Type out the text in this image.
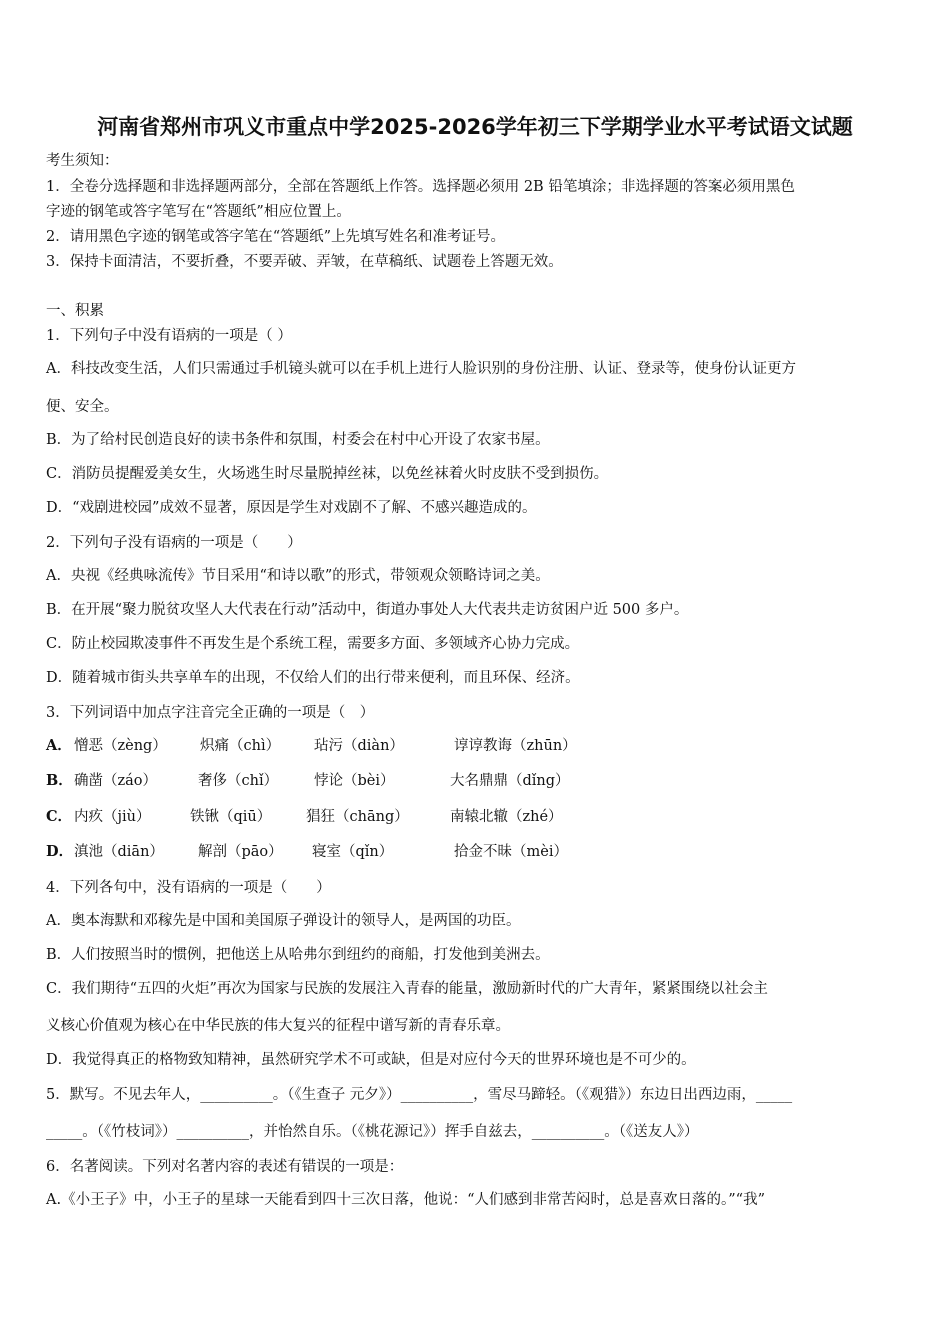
河南省郑州市巩义市重点中学2025-2026学年初三下学期学业水平考试语文试题
考生须知：
1．全卷分选择题和非选择题两部分，全部在答题纸上作答。选择题必须用 2B 铅笔填涂；非选择题的答案必须用黑色
字迹的钢笔或答字笔写在“答题纸”相应位置上。
2．请用黑色字迹的钢笔或答字笔在“答题纸”上先填写姓名和准考证号。
3．保持卡面清洁，不要折叠，不要弄破、弄皱，在草稿纸、试题卷上答题无效。
一、积累
1．下列句子中没有语病的一项是（ ）
A．科技改变生活，人们只需通过手机镜头就可以在手机上进行人脸识别的身份注册、认证、登录等，使身份认证更方
便、安全。
B．为了给村民创造良好的读书条件和氛围，村委会在村中心开设了农家书屋。
C．消防员提醒爱美女生，火场逃生时尽量脱掉丝袜，以免丝袜着火时皮肤不受到损伤。
D．“戏剧进校园”成效不显著，原因是学生对戏剧不了解、不感兴趣造成的。
2．下列句子没有语病的一项是（　　）
A．央视《经典咏流传》节目采用“和诗以歌”的形式，带领观众领略诗词之美。
B．在开展“聚力脱贫攻坚人大代表在行动”活动中，街道办事处人大代表共走访贫困户近 500 多户。
C．防止校园欺凌事件不再发生是个系统工程，需要多方面、多领域齐心协力完成。
D．随着城市街头共享单车的出现，不仅给人们的出行带来便利，而且环保、经济。
3．下列词语中加点字注音完全正确的一项是（　）
A． 憎恶（zèng） 炽痛（chì） 玷污（diàn）	谆谆教诲（zhūn）
B． 确凿（záo）	奢侈（chǐ） 悖论（bèi）	大名鼎鼎（dǐng）
C． 内疚（jiù）	铁锹（qiū） 猖狂（chāng）	南辕北辙（zhé）
D． 滇池（diān） 解剖（pāo） 寝室（qǐn）	拾金不昧（mèi）
4．下列各句中，没有语病的一项是（　　）
A．奥本海默和邓稼先是中国和美国原子弹设计的领导人，是两国的功臣。
B．人们按照当时的惯例，把他送上从哈弗尔到纽约的商船，打发他到美洲去。
C．我们期待“五四的火炬”再次为国家与民族的发展注入青春的能量，激励新时代的广大青年，紧紧围绕以社会主
义核心价值观为核心在中华民族的伟大复兴的征程中谱写新的青春乐章。
D．我觉得真正的格物致知精神，虽然研究学术不可或缺，但是对应付今天的世界环境也是不可少的。
5．默写。不见去年人，__________。（《生查子 元夕》）__________，雪尽马蹄轻。（《观猎》）东边日出西边雨，_____
_____。（《竹枝词》）__________，并怡然自乐。（《桃花源记》）挥手自兹去，__________。（《送友人》）
6．名著阅读。下列对名著内容的表述有错误的一项是：
A.《小王子》中，小王子的星球一天能看到四十三次日落，他说：“人们感到非常苦闷时，总是喜欢日落的。”“我”
